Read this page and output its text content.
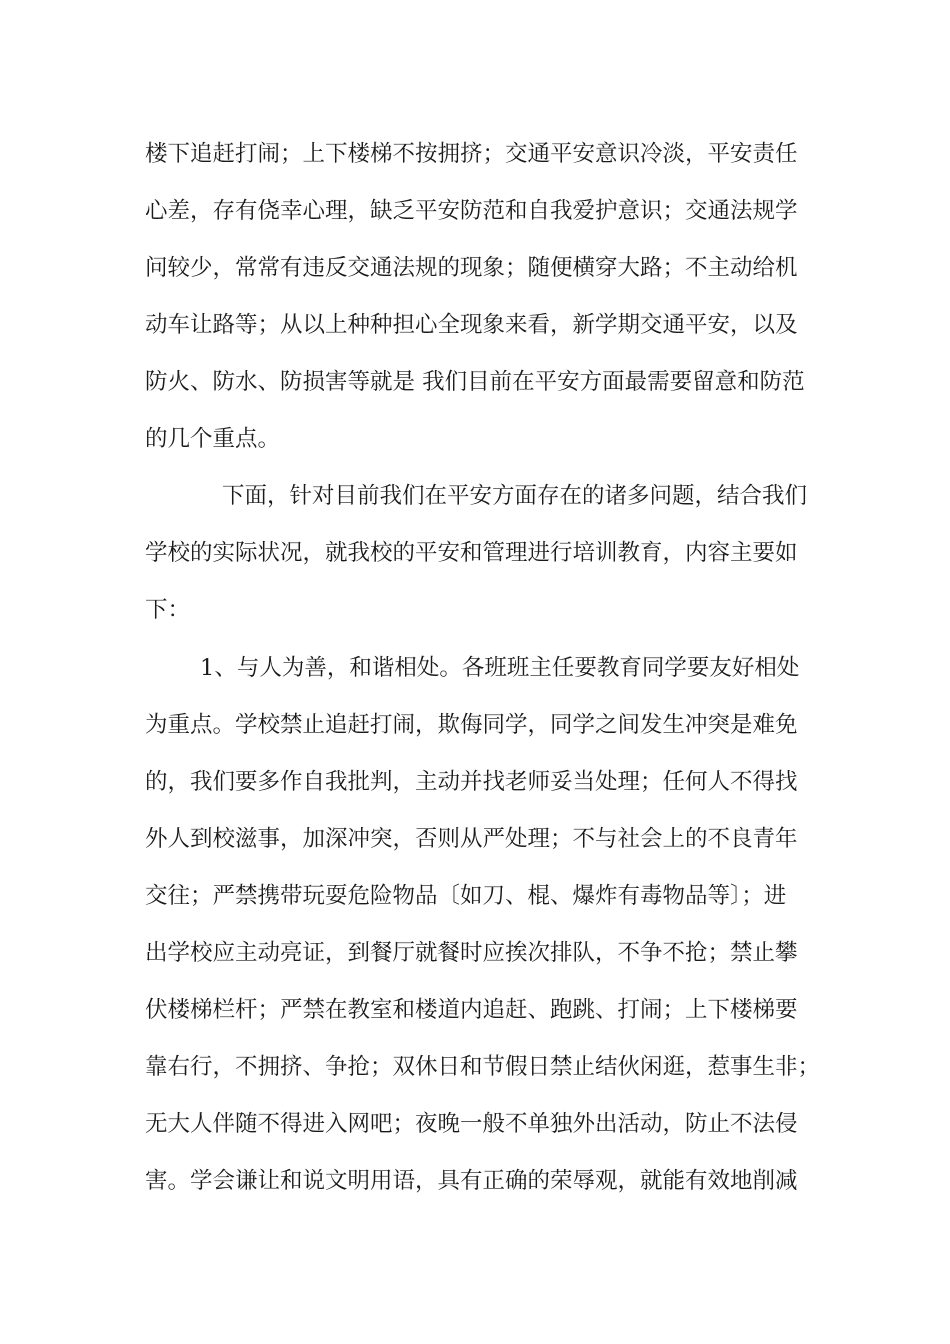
楼下追赶打闹；上下楼梯不按拥挤；交通平安意识冷淡，平安责任
心差，存有侥幸心理，缺乏平安防范和自我爱护意识；交通法规学
问较少，常常有违反交通法规的现象；随便横穿大路；不主动给机
动车让路等；从以上种种担心全现象来看，新学期交通平安，以及
防火、防水、防损害等就是 我们目前在平安方面最需要留意和防范
的几个重点。
下面，针对目前我们在平安方面存在的诸多问题，结合我们
学校的实际状况，就我校的平安和管理进行培训教育，内容主要如
下：
1、与人为善，和谐相处。各班班主任要教育同学要友好相处
为重点。学校禁止追赶打闹，欺侮同学，同学之间发生冲突是难免
的，我们要多作自我批判，主动并找老师妥当处理；任何人不得找
外人到校滋事，加深冲突，否则从严处理；不与社会上的不良青年
交往；严禁携带玩耍危险物品〔如刀、棍、爆炸有毒物品等〕；进
出学校应主动亮证，到餐厅就餐时应挨次排队，不争不抢；禁止攀
伏楼梯栏杆；严禁在教室和楼道内追赶、跑跳、打闹；上下楼梯要
靠右行，不拥挤、争抢；双休日和节假日禁止结伙闲逛，惹事生非；
无大人伴随不得进入网吧；夜晚一般不单独外出活动，防止不法侵
害。学会谦让和说文明用语，具有正确的荣辱观，就能有效地削减
